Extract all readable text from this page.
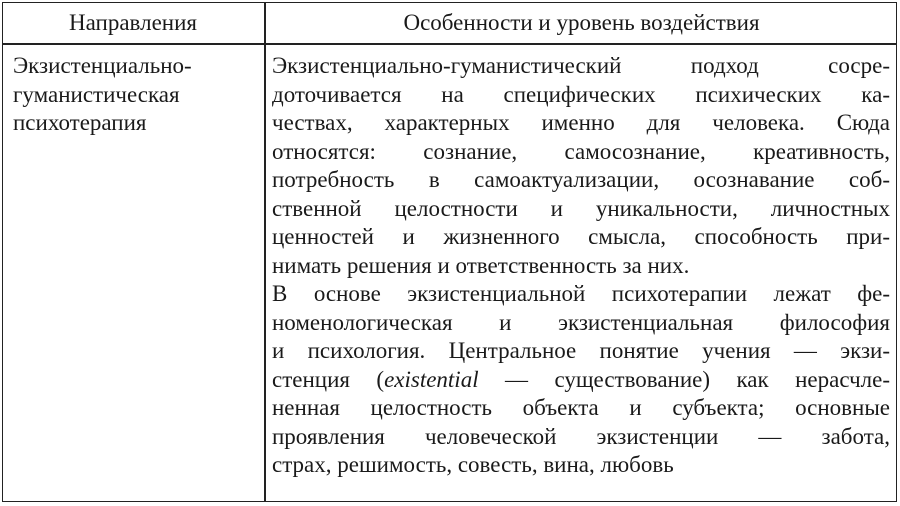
Направления	Особенности и уровень воздействия
Экзистенциально-
гуманистическая
психотерапия
Экзистенциально-гуманистический подход сосре-
доточивается на специфических психических ка-
чествах, характерных именно для человека. Сюда
относятся: сознание, самосознание, креативность,
потребность в самоактуализации, осознавание соб-
ственной целостности и уникальности, личностных
ценностей и жизненного смысла, способность при-
нимать решения и ответственность за них.
В основе экзистенциальной психотерапии лежат фе-
номенологическая и экзистенциальная философия
и психология. Центральное понятие учения — экзи-
стенция (existential — существование) как нерасчле-
ненная целостность объекта и субъекта; основные
проявления человеческой экзистенции — забота,
страх, решимость, совесть, вина, любовь
